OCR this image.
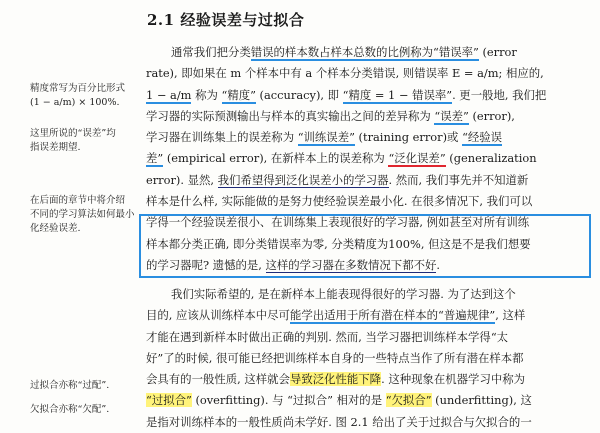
2.1 经验误差与过拟合
精度常写为百分比形式
(1 − a/m) × 100%.
这里所说的“误差”均
指误差期望.
在后面的章节中将介绍
不同的学习算法如何最小
化经验误差.
过拟合亦称“过配”.
欠拟合亦称“欠配”.
通常我们把分类错误的样本数占样本总数的比例称为“错误率” (error
rate), 即如果在 m 个样本中有 a 个样本分类错误, 则错误率 E = a/m; 相应的,
1 − a/m 称为 “精度” (accuracy), 即 “精度 = 1 − 错误率”. 更一般地, 我们把
学习器的实际预测输出与样本的真实输出之间的差异称为 “误差” (error),
学习器在训练集上的误差称为 “训练误差” (training error)或 “经验误
差” (empirical error), 在新样本上的误差称为 “泛化误差” (generalization
error). 显然, 我们希望得到泛化误差小的学习器. 然而, 我们事先并不知道新
样本是什么样, 实际能做的是努力使经验误差最小化. 在很多情况下, 我们可以
学得一个经验误差很小、在训练集上表现很好的学习器, 例如甚至对所有训练
样本都分类正确, 即分类错误率为零, 分类精度为100%, 但这是不是我们想要
的学习器呢? 遗憾的是, 这样的学习器在多数情况下都不好.
我们实际希望的, 是在新样本上能表现得很好的学习器. 为了达到这个
目的, 应该从训练样本中尽可能学出适用于所有潜在样本的“普遍规律”, 这样
才能在遇到新样本时做出正确的判别. 然而, 当学习器把训练样本学得“太
好”了的时候, 很可能已经把训练样本自身的一些特点当作了所有潜在样本都
会具有的一般性质, 这样就会导致泛化性能下降. 这种现象在机器学习中称为
“过拟合” (overfitting). 与 “过拟合” 相对的是 “欠拟合” (underfitting), 这
是指对训练样本的一般性质尚未学好. 图 2.1 给出了关于过拟合与欠拟合的一
